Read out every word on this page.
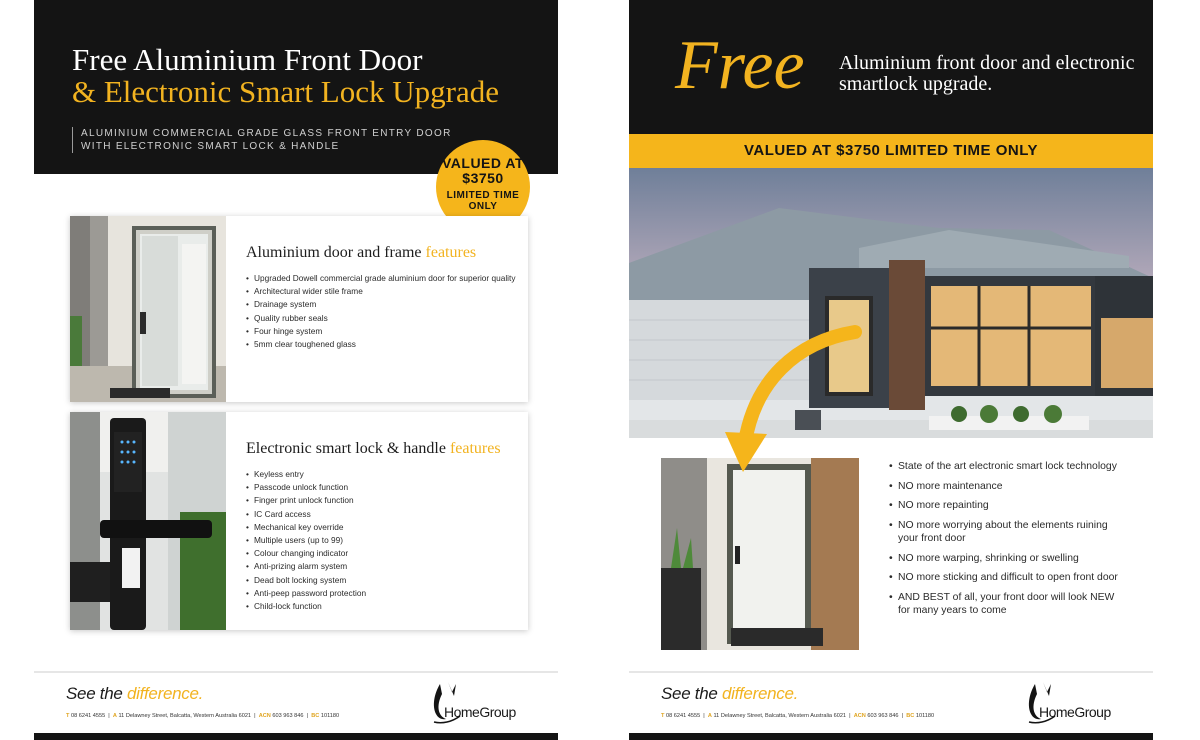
Free Aluminium Front Door
& Electronic Smart Lock Upgrade
ALUMINIUM COMMERCIAL GRADE GLASS FRONT ENTRY DOOR WITH ELECTRONIC SMART LOCK & HANDLE
VALUED AT $3750
LIMITED TIME ONLY
Aluminium door and frame features
• Upgraded Dowell commercial grade aluminium door for superior quality
• Architectural wider stile frame
• Drainage system
• Quality rubber seals
• Four hinge system
• 5mm clear toughened glass
Electronic smart lock & handle features
• Keyless entry
• Passcode unlock function
• Finger print unlock function
• IC Card access
• Mechanical key override
• Multiple users (up to 99)
• Colour changing indicator
• Anti-prizing alarm system
• Dead bolt locking system
• Anti-peep password protection
• Child-lock function
See the difference.
T 08 6241 4555  |  A 11 Delawney Street, Balcatta, Western Australia 6021  |  ACN 603 963 846  |  BC 101180	HomeGroup
Free Aluminium front door and electronic smartlock upgrade.
VALUED AT $3750 LIMITED TIME ONLY
• State of the art electronic smart lock technology
• NO more maintenance
• NO more repainting
• NO more worrying about the elements ruining your front door
• NO more warping, shrinking or swelling
• NO more sticking and difficult to open front door
• AND BEST of all, your front door will look NEW for many years to come
See the difference.
T 08 6241 4555  |  A 11 Delawney Street, Balcatta, Western Australia 6021  |  ACN 603 963 846  |  BC 101180	HomeGroup
